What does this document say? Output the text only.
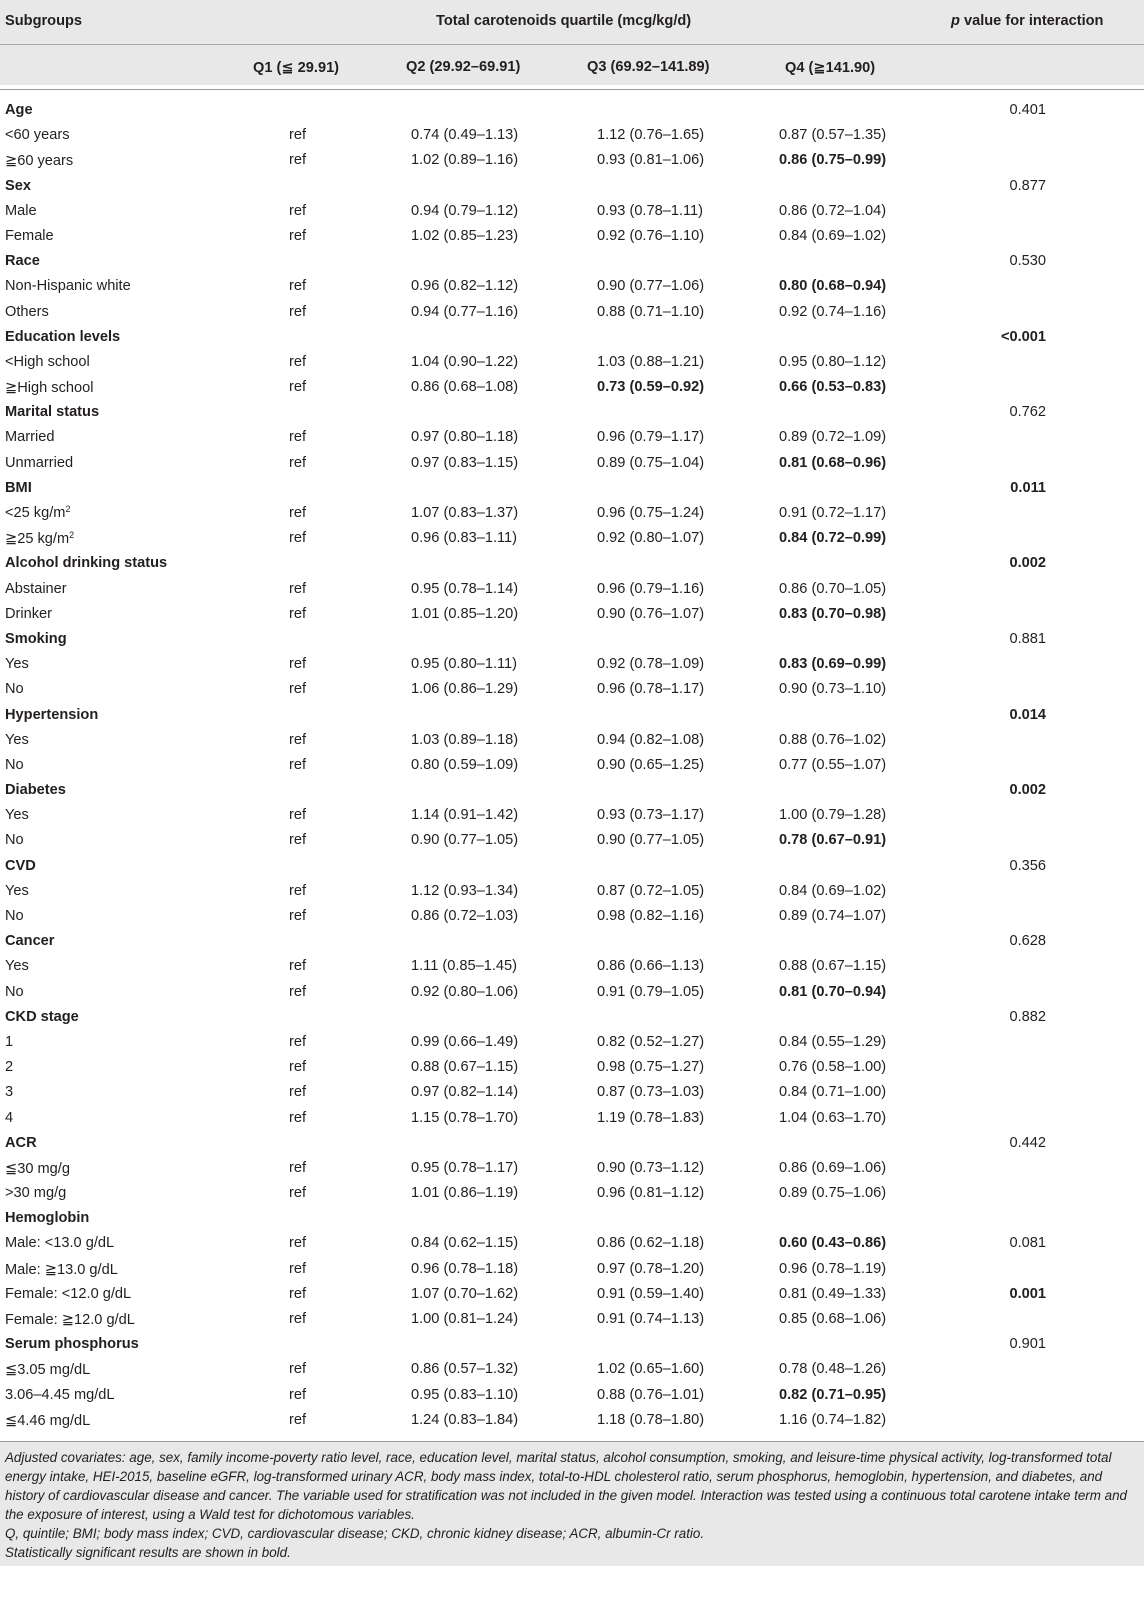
Subgroups	Total carotenoids quartile (mcg/kg/d)	p value for interaction
Q1 (≦ 29.91)	Q2 (29.92–69.91)	Q3 (69.92–141.89)	Q4 (≧141.90)
Age	0.401
<60 years	ref	0.74 (0.49–1.13)	1.12 (0.76–1.65)	0.87 (0.57–1.35)
≧60 years	ref	1.02 (0.89–1.16)	0.93 (0.81–1.06)	0.86 (0.75–0.99)
Sex	0.877
Male	ref	0.94 (0.79–1.12)	0.93 (0.78–1.11)	0.86 (0.72–1.04)
Female	ref	1.02 (0.85–1.23)	0.92 (0.76–1.10)	0.84 (0.69–1.02)
Race	0.530
Non-Hispanic white	ref	0.96 (0.82–1.12)	0.90 (0.77–1.06)	0.80 (0.68–0.94)
Others	ref	0.94 (0.77–1.16)	0.88 (0.71–1.10)	0.92 (0.74–1.16)
Education levels	<0.001
<High school	ref	1.04 (0.90–1.22)	1.03 (0.88–1.21)	0.95 (0.80–1.12)
≧High school	ref	0.86 (0.68–1.08)	0.73 (0.59–0.92)	0.66 (0.53–0.83)
Marital status	0.762
Married	ref	0.97 (0.80–1.18)	0.96 (0.79–1.17)	0.89 (0.72–1.09)
Unmarried	ref	0.97 (0.83–1.15)	0.89 (0.75–1.04)	0.81 (0.68–0.96)
BMI	0.011
<25 $kg/m^2$	ref	1.07 (0.83–1.37)	0.96 (0.75–1.24)	0.91 (0.72–1.17)
≧25 $kg/m^2$	ref	0.96 (0.83–1.11)	0.92 (0.80–1.07)	0.84 (0.72–0.99)
Alcohol drinking status	0.002
Abstainer	ref	0.95 (0.78–1.14)	0.96 (0.79–1.16)	0.86 (0.70–1.05)
Drinker	ref	1.01 (0.85–1.20)	0.90 (0.76–1.07)	0.83 (0.70–0.98)
Smoking	0.881
Yes	ref	0.95 (0.80–1.11)	0.92 (0.78–1.09)	0.83 (0.69–0.99)
No	ref	1.06 (0.86–1.29)	0.96 (0.78–1.17)	0.90 (0.73–1.10)
Hypertension	0.014
Yes	ref	1.03 (0.89–1.18)	0.94 (0.82–1.08)	0.88 (0.76–1.02)
No	ref	0.80 (0.59–1.09)	0.90 (0.65–1.25)	0.77 (0.55–1.07)
Diabetes	0.002
Yes	ref	1.14 (0.91–1.42)	0.93 (0.73–1.17)	1.00 (0.79–1.28)
No	ref	0.90 (0.77–1.05)	0.90 (0.77–1.05)	0.78 (0.67–0.91)
CVD	0.356
Yes	ref	1.12 (0.93–1.34)	0.87 (0.72–1.05)	0.84 (0.69–1.02)
No	ref	0.86 (0.72–1.03)	0.98 (0.82–1.16)	0.89 (0.74–1.07)
Cancer	0.628
Yes	ref	1.11 (0.85–1.45)	0.86 (0.66–1.13)	0.88 (0.67–1.15)
No	ref	0.92 (0.80–1.06)	0.91 (0.79–1.05)	0.81 (0.70–0.94)
CKD stage	0.882
1	ref	0.99 (0.66–1.49)	0.82 (0.52–1.27)	0.84 (0.55–1.29)
2	ref	0.88 (0.67–1.15)	0.98 (0.75–1.27)	0.76 (0.58–1.00)
3	ref	0.97 (0.82–1.14)	0.87 (0.73–1.03)	0.84 (0.71–1.00)
4	ref	1.15 (0.78–1.70)	1.19 (0.78–1.83)	1.04 (0.63–1.70)
ACR	0.442
≦30 mg/g	ref	0.95 (0.78–1.17)	0.90 (0.73–1.12)	0.86 (0.69–1.06)
>30 mg/g	ref	1.01 (0.86–1.19)	0.96 (0.81–1.12)	0.89 (0.75–1.06)
Hemoglobin
Male: <13.0 g/dL	ref	0.84 (0.62–1.15)	0.86 (0.62–1.18)	0.60 (0.43–0.86)	0.081
Male: ≧13.0 g/dL	ref	0.96 (0.78–1.18)	0.97 (0.78–1.20)	0.96 (0.78–1.19)
Female: <12.0 g/dL	ref	1.07 (0.70–1.62)	0.91 (0.59–1.40)	0.81 (0.49–1.33)	0.001
Female: ≧12.0 g/dL	ref	1.00 (0.81–1.24)	0.91 (0.74–1.13)	0.85 (0.68–1.06)
Serum phosphorus	0.901
≦3.05 mg/dL	ref	0.86 (0.57–1.32)	1.02 (0.65–1.60)	0.78 (0.48–1.26)
3.06–4.45 mg/dL	ref	0.95 (0.83–1.10)	0.88 (0.76–1.01)	0.82 (0.71–0.95)
≦4.46 mg/dL	ref	1.24 (0.83–1.84)	1.18 (0.78–1.80)	1.16 (0.74–1.82)

Adjusted covariates: age, sex, family income-poverty ratio level, race, education level, marital status, alcohol consumption, smoking, and leisure-time physical activity, log-transformed total energy intake, HEI-2015, baseline eGFR, log-transformed urinary ACR, body mass index, total-to-HDL cholesterol ratio, serum phosphorus, hemoglobin, hypertension, and diabetes, and history of cardiovascular disease and cancer. The variable used for stratification was not included in the given model. Interaction was tested using a continuous total carotene intake term and the exposure of interest, using a Wald test for dichotomous variables.

Q, quintile; BMI; body mass index; CVD, cardiovascular disease; CKD, chronic kidney disease; ACR, albumin-Cr ratio.

Statistically significant results are shown in bold.
